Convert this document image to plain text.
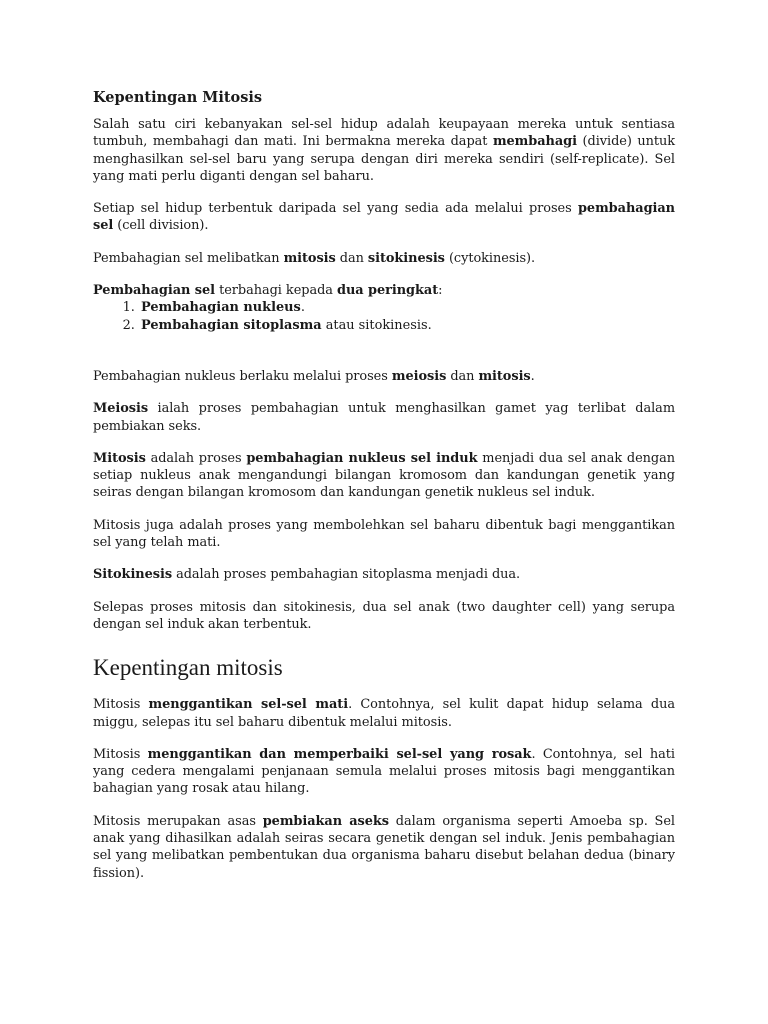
Kepentingan Mitosis

Salah satu ciri kebanyakan sel-sel hidup adalah keupayaan mereka untuk sentiasa tumbuh, membahagi dan mati. Ini bermakna mereka dapat membahagi (divide) untuk menghasilkan sel-sel baru yang serupa dengan diri mereka sendiri (self-replicate). Sel yang mati perlu diganti dengan sel baharu.

Setiap sel hidup terbentuk daripada sel yang sedia ada melalui proses pembahagian sel (cell division).

Pembahagian sel melibatkan mitosis dan sitokinesis (cytokinesis).

Pembahagian sel terbahagi kepada dua peringkat:

1. Pembahagian nukleus.
2. Pembahagian sitoplasma atau sitokinesis.

Pembahagian nukleus berlaku melalui proses meiosis dan mitosis.

Meiosis ialah proses pembahagian untuk menghasilkan gamet yag terlibat dalam pembiakan seks.

Mitosis adalah proses pembahagian nukleus sel induk menjadi dua sel anak dengan setiap nukleus anak mengandungi bilangan kromosom dan kandungan genetik yang seiras dengan bilangan kromosom dan kandungan genetik nukleus sel induk.

Mitosis juga adalah proses yang membolehkan sel baharu dibentuk bagi menggantikan sel yang telah mati.

Sitokinesis adalah proses pembahagian sitoplasma menjadi dua.

Selepas proses mitosis dan sitokinesis, dua sel anak (two daughter cell) yang serupa dengan sel induk akan terbentuk.

Kepentingan mitosis

Mitosis menggantikan sel-sel mati. Contohnya, sel kulit dapat hidup selama dua miggu, selepas itu sel baharu dibentuk melalui mitosis.

Mitosis menggantikan dan memperbaiki sel-sel yang rosak. Contohnya, sel hati yang cedera mengalami penjanaan semula melalui proses mitosis bagi menggantikan bahagian yang rosak atau hilang.

Mitosis merupakan asas pembiakan aseks dalam organisma seperti Amoeba sp. Sel anak yang dihasilkan adalah seiras secara genetik dengan sel induk. Jenis pembahagian sel yang melibatkan pembentukan dua organisma baharu disebut belahan dedua (binary fission).
